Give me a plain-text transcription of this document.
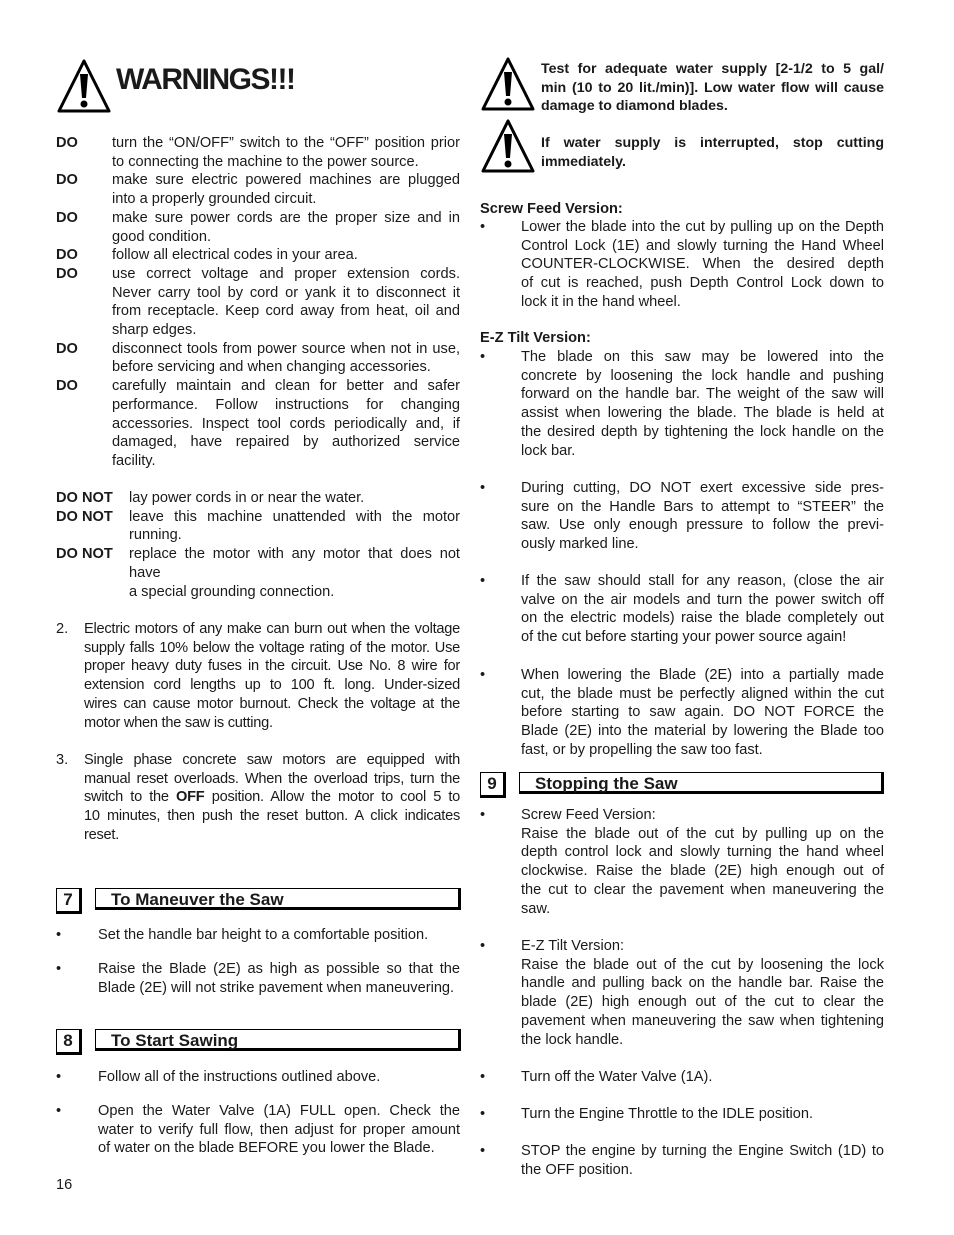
WARNINGS!!!
16
DO turn the “ON/OFF” switch to the “OFF” position prior
to connecting the machine to the power source.
DO make sure electric powered machines are plugged
into a properly grounded circuit.
DO make sure power cords are the proper size and in
good condition.
DO follow all electrical codes in your area.
DO use correct voltage and proper extension cords.
Never carry tool by cord or yank it to disconnect it
from receptacle. Keep cord away from heat, oil and
sharp edges.
DO disconnect tools from power source when not in use,
before servicing and when changing accessories.
DO carefully maintain and clean for better and safer
performance. Follow instructions for changing
accessories. Inspect tool cords periodically and, if
damaged, have repaired by authorized service
facility.
DO NOT lay power cords in or near the water.
DO NOT leave this machine unattended with the motor
running.
DO NOT replace the motor with any motor that does not have
a special grounding connection.
2. Electric motors of any make can burn out when the voltage
supply falls 10% below the voltage rating of the motor. Use
proper heavy duty fuses in the circuit. Use No. 8 wire for
extension cord lengths up to 100 ft. long. Under-sized
wires can cause motor burnout. Check the voltage at the
motor when the saw is cutting.
3. Single phase concrete saw motors are equipped with
manual reset overloads. When the overload trips, turn the
switch to the OFF position. Allow the motor to cool 5 to
10 minutes, then push the reset button. A click indicates
reset.
7	To Maneuver the Saw
•	Set the handle bar height to a comfortable position.
•	Raise the Blade (2E) as high as possible so that the
Blade (2E) will not strike pavement when maneuvering.
8	To Start Sawing
•	Follow all of the instructions outlined above.
•	Open the Water Valve (1A) FULL open. Check the
water to verify full flow, then adjust for proper amount
of water on the blade BEFORE you lower the Blade.
Test for adequate water supply [2-1/2 to 5 gal/
min (10 to 20 lit./min)]. Low water flow will cause
damage to diamond blades.
If water supply is interrupted, stop cutting
immediately.
Screw Feed Version:
• Lower the blade into the cut by pulling up on the Depth
Control Lock (1E) and slowly turning the Hand Wheel
COUNTER-CLOCKWISE. When the desired depth
of cut is reached, push Depth Control Lock down to
lock it in the hand wheel.
E-Z Tilt Version:
• The blade on this saw may be lowered into the
concrete by loosening the lock handle and pushing
forward on the handle bar. The weight of the saw will
assist when lowering the blade. The blade is held at
the desired depth by tightening the lock handle on the
lock bar.
• During cutting, DO NOT exert excessive side pres-
sure on the Handle Bars to attempt to “STEER” the
saw. Use only enough pressure to follow the previ-
ously marked line.
• If the saw should stall for any reason, (close the air
valve on the air models and turn the power switch off
on the electric models) raise the blade completely out
of the cut before starting your power source again!
• When lowering the Blade (2E) into a partially made
cut, the blade must be perfectly aligned within the cut
before starting to saw again. DO NOT FORCE the
Blade (2E) into the material by lowering the Blade too
fast, or by propelling the saw too fast.
9	Stopping the Saw
• Screw Feed Version:
Raise the blade out of the cut by pulling up on the
depth control lock and slowly turning the hand wheel
clockwise. Raise the blade (2E) high enough out of
the cut to clear the pavement when maneuvering the
saw.
• E-Z Tilt Version:
Raise the blade out of the cut by loosening the lock
handle and pulling back on the handle bar. Raise the
blade (2E) high enough out of the cut to clear the
pavement when maneuvering the saw when tightening
the lock handle.
• Turn off the Water Valve (1A).
• Turn the Engine Throttle to the IDLE position.
• STOP the engine by turning the Engine Switch (1D) to
the OFF position.
